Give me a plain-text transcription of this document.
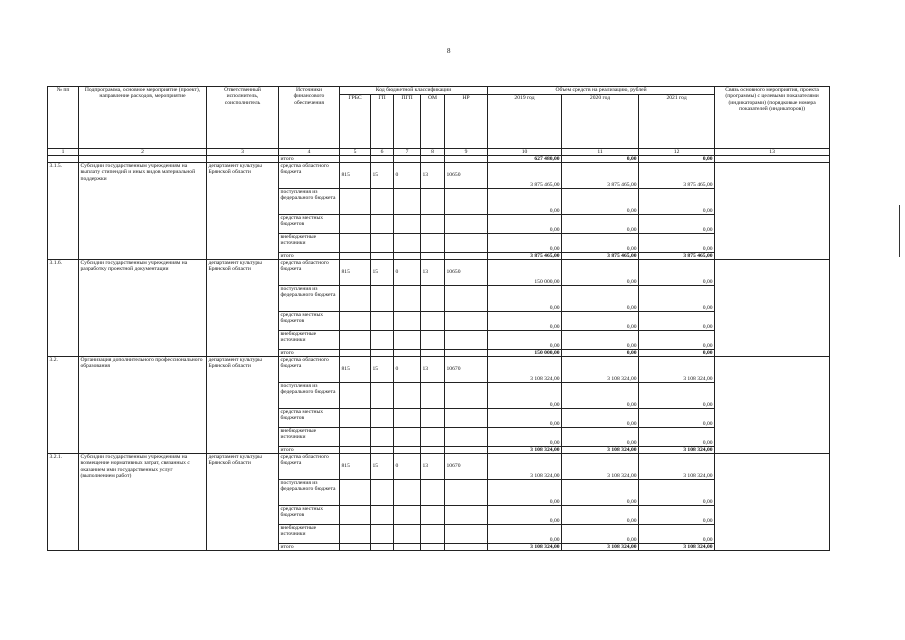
8
№ пп	Подпрограмма, основное мероприятие (проект), направление расходов, мероприятие	Ответственный исполнитель, соисполнитель	Источники финансового обеспечения	Код бюджетной классификации					Объем средств на реализацию, рублей			Связь основного мероприятия, проекта (программы) с целевыми показателями (индикаторами) (порядковые номера показателей (индикаторов))
				ГРБС	ГП	ПГП	ОМ	НР	2019 год	2020 год	2021 год	
1	2	3	4	5	6	7	8	9	10	11	12	13
			итого						627 480,00	0,00	0,00	
3.1.5.	Субсидии государственным учреждениям на выплату стипендий и иных видов материальной поддержки	департамент культуры Брянской области	средства областного бюджета	815	15	0	13	10650	3 875 465,00	3 875 465,00	3 875 465,00	
			поступления из федерального бюджета						0,00	0,00	0,00	
			средства местных бюджетов						0,00	0,00	0,00	
			внебюджетные источники						0,00	0,00	0,00	
			итого						3 875 465,00	3 875 465,00	3 875 465,00	
3.1.6.	Субсидии государственным учреждениям на разработку проектной документации	департамент культуры Брянской области	средства областного бюджета	815	15	0	13	10650	150 000,00	0,00	0,00	
			поступления из федерального бюджета						0,00	0,00	0,00	
			средства местных бюджетов						0,00	0,00	0,00	
			внебюджетные источники						0,00	0,00	0,00	
			итого						150 000,00	0,00	0,00	
3.2.	Организация дополнительного профессионального образования	департамент культуры Брянской области	средства областного бюджета	815	15	0	13	10670	3 108 324,00	3 108 324,00	3 108 324,00	
			поступления из федерального бюджета						0,00	0,00	0,00	
			средства местных бюджетов						0,00	0,00	0,00	
			внебюджетные источники						0,00	0,00	0,00	
			итого						3 108 324,00	3 108 324,00	3 108 324,00	
3.2.1.	Субсидии государственным учреждениям на возмещение нормативных затрат, связанных с оказанием ими государственных услуг (выполнением работ)	департамент культуры Брянской области	средства областного бюджета	815	15	0	13	10670	3 108 324,00	3 108 324,00	3 108 324,00	
			поступления из федерального бюджета						0,00	0,00	0,00	
			средства местных бюджетов						0,00	0,00	0,00	
			внебюджетные источники						0,00	0,00	0,00	
			итого						3 108 324,00	3 108 324,00	3 108 324,00	
